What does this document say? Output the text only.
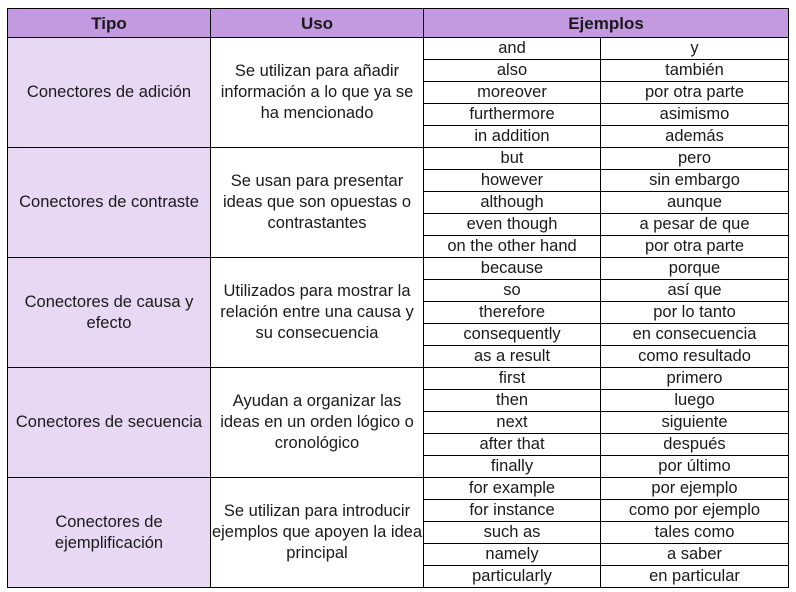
Tipo	Uso	Ejemplos	
Conectores de adición	Se utilizan para añadir información a lo que ya se ha mencionado	and	y
		also	también
		moreover	por otra parte
		furthermore	asimismo
		in addition	además
Conectores de contraste	Se usan para presentar ideas que son opuestas o contrastantes	but	pero
		however	sin embargo
		although	aunque
		even though	a pesar de que
		on the other hand	por otra parte
Conectores de causa y efecto	Utilizados para mostrar la relación entre una causa y su consecuencia	because	porque
		so	así que
		therefore	por lo tanto
		consequently	en consecuencia
		as a result	como resultado
Conectores de secuencia	Ayudan a organizar las ideas en un orden lógico o cronológico	first	primero
		then	luego
		next	siguiente
		after that	después
		finally	por último
Conectores de ejemplificación	Se utilizan para introducir ejemplos que apoyen la idea principal	for example	por ejemplo
		for instance	como por ejemplo
		such as	tales como
		namely	a saber
		particularly	en particular
